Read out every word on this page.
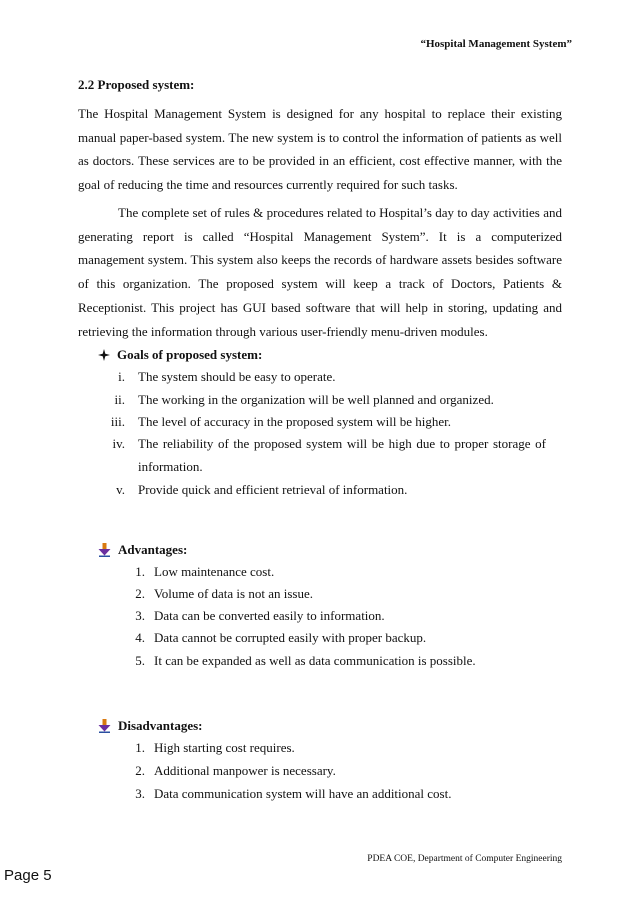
“Hospital Management System”
2.2 Proposed system:

The Hospital Management System is designed for any hospital to replace their existing manual paper-based system. The new system is to control the information of patients as well as doctors. These services are to be provided in an efficient, cost effective manner, with the goal of reducing the time and resources currently required for such tasks.

The complete set of rules & procedures related to Hospital’s day to day activities and generating report is called “Hospital Management System”. It is a computerized management system. This system also keeps the records of hardware assets besides software of this organization. The proposed system will keep a track of Doctors, Patients & Receptionist. This project has GUI based software that will help in storing, updating and retrieving the information through various user-friendly menu-driven modules.

Goals of proposed system:
i.	The system should be easy to operate.
ii.	The working in the organization will be well planned and organized.
iii.	The level of accuracy in the proposed system will be higher.
iv.	The reliability of the proposed system will be high due to proper storage of information.
v.	Provide quick and efficient retrieval of information.
Advantages:
1. Low maintenance cost.
2. Volume of data is not an issue.
3. Data can be converted easily to information.
4. Data cannot be corrupted easily with proper backup.
5. It can be expanded as well as data communication is possible.
Disadvantages:
1. High starting cost requires.
2. Additional manpower is necessary.
3. Data communication system will have an additional cost.
PDEA COE, Department of Computer Engineering
Page 5
